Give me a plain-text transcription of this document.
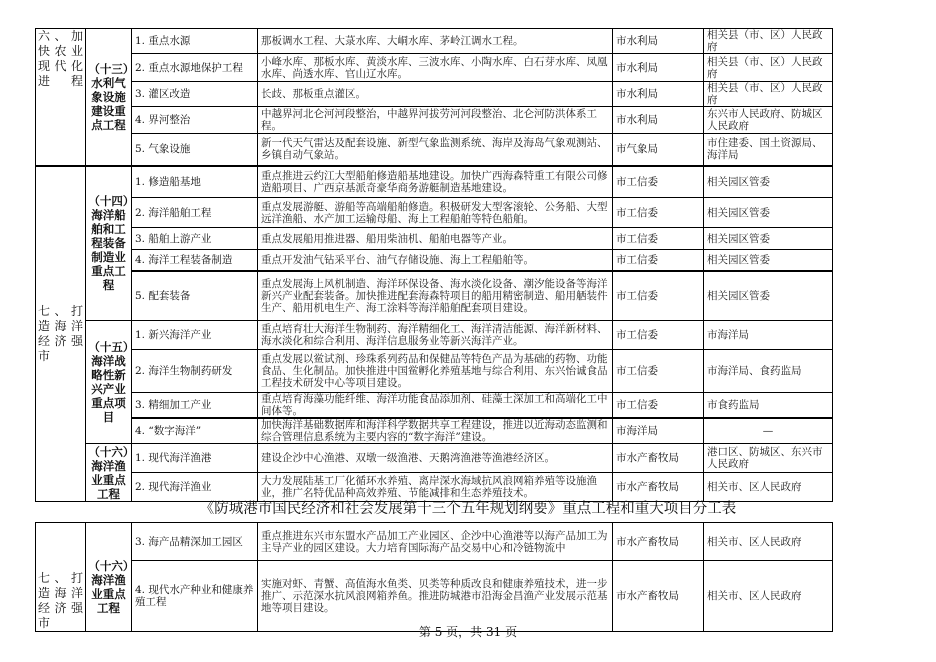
六、加快农业现代化进程	（十三）水利气象设施建设重点工程	1. 重点水源	那板调水工程、大菉水库、大峒水库、茅岭江调水工程。	市水利局	相关县（市、区）人民政府
		2. 重点水源地保护工程	小峰水库、那板水库、黄淡水库、三波水库、小陶水库、白石芽水库、凤凰水库、尚透水库、官山辽水库。	市水利局	相关县（市、区）人民政府
		3. 灌区改造	长歧、那板重点灌区。	市水利局	相关县（市、区）人民政府
		4. 界河整治	中越界河北仑河河段整治，中越界河拔劳河河段整治、北仑河防洪体系工程。	市水利局	东兴市人民政府、防城区人民政府
		5. 气象设施	新一代天气雷达及配套设施、新型气象监测系统、海岸及海岛气象观测站、乡镇自动气象站。	市气象局	市住建委、国土资源局、海洋局
七、打造海洋经济强市	（十四）海洋船舶和工程装备制造业重点工程	1. 修造船基地	重点推进云约江大型船舶修造船基地建设。加快广西海森特重工有限公司修造船项目、广西京基派奇豪华商务游艇制造基地建设。	市工信委	相关园区管委
		2. 海洋船舶工程	重点发展游艇、游船等高端船舶修造。积极研发大型客滚轮、公务船、大型远洋渔船、水产加工运输母船、海上工程船舶等特色船舶。	市工信委	相关园区管委
		3. 船舶上游产业	重点发展船用推进器、船用柴油机、船舶电器等产业。	市工信委	相关园区管委
		4. 海洋工程装备制造	重点开发油气钻采平台、油气存储设施、海上工程船舶等。	市工信委	相关园区管委
		5. 配套装备	重点发展海上风机制造、海洋环保设备、海水淡化设备、潮汐能设备等海洋新兴产业配套装备。加快推进配套海森特项目的船用精密制造、船用舾装件生产、船用机电生产、海工涂料等海洋船舶配套项目建设。	市工信委	相关园区管委
	（十五）海洋战略性新兴产业重点项目	1. 新兴海洋产业	重点培育壮大海洋生物制药、海洋精细化工、海洋清洁能源、海洋新材料、海水淡化和综合利用、海洋信息服务业等新兴海洋产业。	市工信委	市海洋局
		2. 海洋生物制药研发	重点发展以鲎试剂、珍珠系列药品和保健品等特色产品为基础的药物、功能食品、生化制品。加快推进中国鲎孵化养殖基地与综合利用、东兴怡诚食品工程技术研发中心等项目建设。	市工信委	市海洋局、食药监局
		3. 精细加工产业	重点培育海藻功能纤维、海洋功能食品添加剂、硅藻土深加工和高端化工中间体等。	市工信委	市食药监局
		4. “数字海洋”	加快海洋基础数据库和海洋科学数据共享工程建设，推进以近海动态监测和综合管理信息系统为主要内容的“数字海洋”建设。	市海洋局	—
	（十六）海洋渔业重点工程	1. 现代海洋渔港	建设企沙中心渔港、双墩一级渔港、天鹅湾渔港等渔港经济区。	市水产畜牧局	港口区、防城区、东兴市人民政府
		2. 现代海洋渔业	大力发展陆基工厂化循环水养殖、离岸深水海域抗风浪网箱养殖等设施渔业，推广名特优品种高效养殖、节能减排和生态养殖技术。	市水产畜牧局	相关市、区人民政府
《防城港市国民经济和社会发展第十三个五年规划纲要》重点工程和重大项目分工表
七、打造海洋经济强市	（十六）海洋渔业重点工程	3. 海产品精深加工园区	重点推进东兴市东盟水产品加工产业园区、企沙中心渔港等以海产品加工为主导产业的园区建设。大力培育国际海产品交易中心和冷链物流中	市水产畜牧局	相关市、区人民政府
		4. 现代水产种业和健康养殖工程	实施对虾、青蟹、高值海水鱼类、贝类等种质改良和健康养殖技术，进一步推广、示范深水抗风浪网箱养鱼。推进防城港市沿海金昌渔产业发展示范基地等项目建设。	市水产畜牧局	相关市、区人民政府
第 5 页，共 31 页
